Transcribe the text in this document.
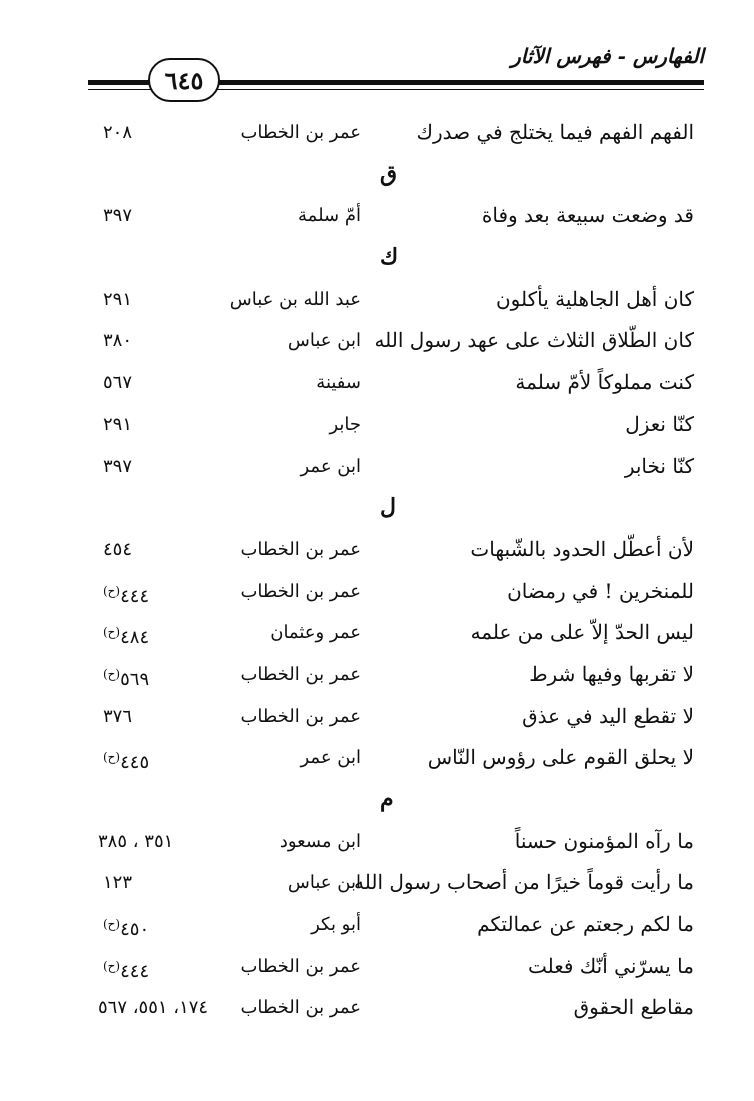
الفهارس - فهرس الآثار
٦٤٥
الفهم الفهم فيما يختلج في صدرك
عمر بن الخطاب
٢٠٨
ق
قد وضعت سبيعة بعد وفاة
أمّ سلمة
٣٩٧
ك
كان أهل الجاهلية يأكلون
عبد الله بن عباس
٢٩١
كان الطّلاق الثلاث على عهد رسول الله
ابن عباس
٣٨٠
كنت مملوكاً لأمّ سلمة
سفينة
٥٦٧
كنّا نعزل
جابر
٢٩١
كنّا نخابر
ابن عمر
٣٩٧
ل
لأن أعطّل الحدود بالشّبهات
عمر بن الخطاب
٤٥٤
للمنخرين ! في رمضان
عمر بن الخطاب
$٤٤٤^{(ح)}$
ليس الحدّ إلاّ على من علمه
عمر وعثمان
$٤٨٤^{(ح)}$
لا تقربها وفيها شرط
عمر بن الخطاب
$٥٦٩^{(ح)}$
لا تقطع اليد في عذق
عمر بن الخطاب
٣٧٦
لا يحلق القوم على رؤوس النّاس
ابن عمر
$٤٤٥^{(ح)}$
م
ما رآه المؤمنون حسناً
ابن مسعود
٣٥١ ، ٣٨٥
ما رأيت قوماً خيرًا من أصحاب رسول الله
ابن عباس
١٢٣
ما لكم رجعتم عن عمالتكم
أبو بكر
$٤٥٠^{(ح)}$
ما يسرّني أنّك فعلت
عمر بن الخطاب
$٤٤٤^{(ح)}$
مقاطع الحقوق
عمر بن الخطاب
١٧٤، ٥٥١، ٥٦٧
